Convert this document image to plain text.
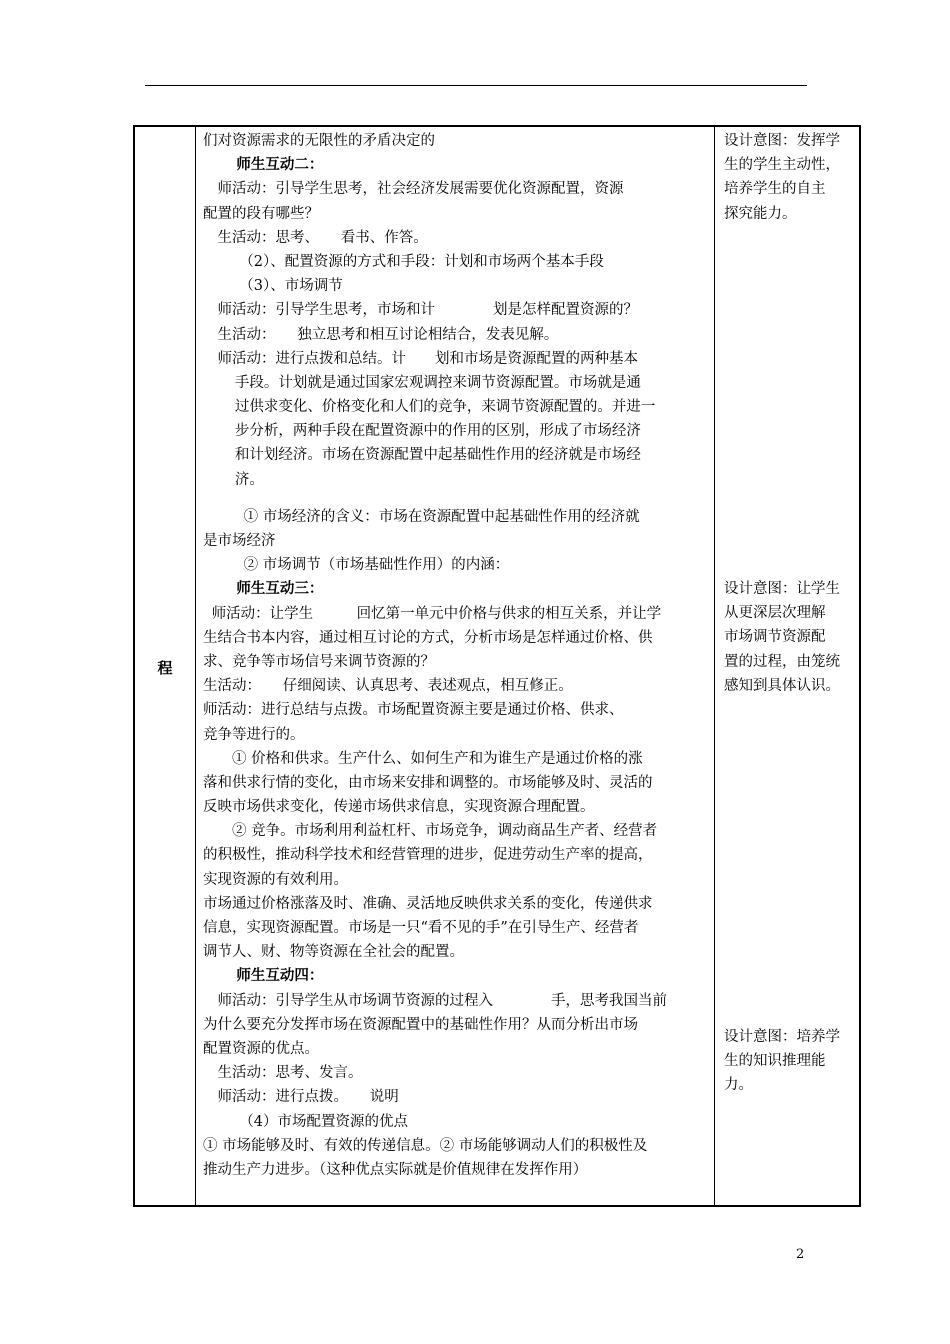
程
们对资源需求的无限性的矛盾决定的
师生互动二：
师活动：引导学生思考，社会经济发展需要优化资源配置，资源
配置的段有哪些？
生活动：思考、　　看书、作答。
（2）、配置资源的方式和手段：计划和市场两个基本手段
（3）、市场调节
师活动：引导学生思考，市场和计　　　　划是怎样配置资源的？
生活动：　　独立思考和相互讨论相结合，发表见解。
师活动：进行点拨和总结。计　　划和市场是资源配置的两种基本
手段。计划就是通过国家宏观调控来调节资源配置。市场就是通
过供求变化、价格变化和人们的竞争，来调节资源配置的。并进一
步分析，两种手段在配置资源中的作用的区别，形成了市场经济
和计划经济。市场在资源配置中起基础性作用的经济就是市场经
济。
① 市场经济的含义：市场在资源配置中起基础性作用的经济就
是市场经济
② 市场调节（市场基础性作用）的内涵：
师生互动三：
师活动：让学生　　　回忆第一单元中价格与供求的相互关系，并让学
生结合书本内容，通过相互讨论的方式，分析市场是怎样通过价格、供
求、竞争等市场信号来调节资源的？
生活动：　　仔细阅读、认真思考、表述观点，相互修正。
师活动：进行总结与点拨。市场配置资源主要是通过价格、供求、
竞争等进行的。
① 价格和供求。生产什么、如何生产和为谁生产是通过价格的涨
落和供求行情的变化，由市场来安排和调整的。市场能够及时、灵活的
反映市场供求变化，传递市场供求信息，实现资源合理配置。
② 竞争。市场利用利益杠杆、市场竞争，调动商品生产者、经营者
的积极性，推动科学技术和经营管理的进步，促进劳动生产率的提高，
实现资源的有效利用。
市场通过价格涨落及时、准确、灵活地反映供求关系的变化，传递供求
信息，实现资源配置。市场是一只“看不见的手”在引导生产、经营者
调节人、财、物等资源在全社会的配置。
师生互动四：
师活动：引导学生从市场调节资源的过程入　　　　手，思考我国当前
为什么要充分发挥市场在资源配置中的基础性作用？从而分析出市场
配置资源的优点。
生活动：思考、发言。
师活动：进行点拨。　　说明
（4）市场配置资源的优点
① 市场能够及时、有效的传递信息。② 市场能够调动人们的积极性及
推动生产力进步。（这种优点实际就是价值规律在发挥作用）
设计意图：发挥学
生的学生主动性，
培养学生的自主
探究能力。
设计意图：让学生
从更深层次理解
市场调节资源配
置的过程，由笼统
感知到具体认识。
设计意图：培养学
生的知识推理能
力。
2
